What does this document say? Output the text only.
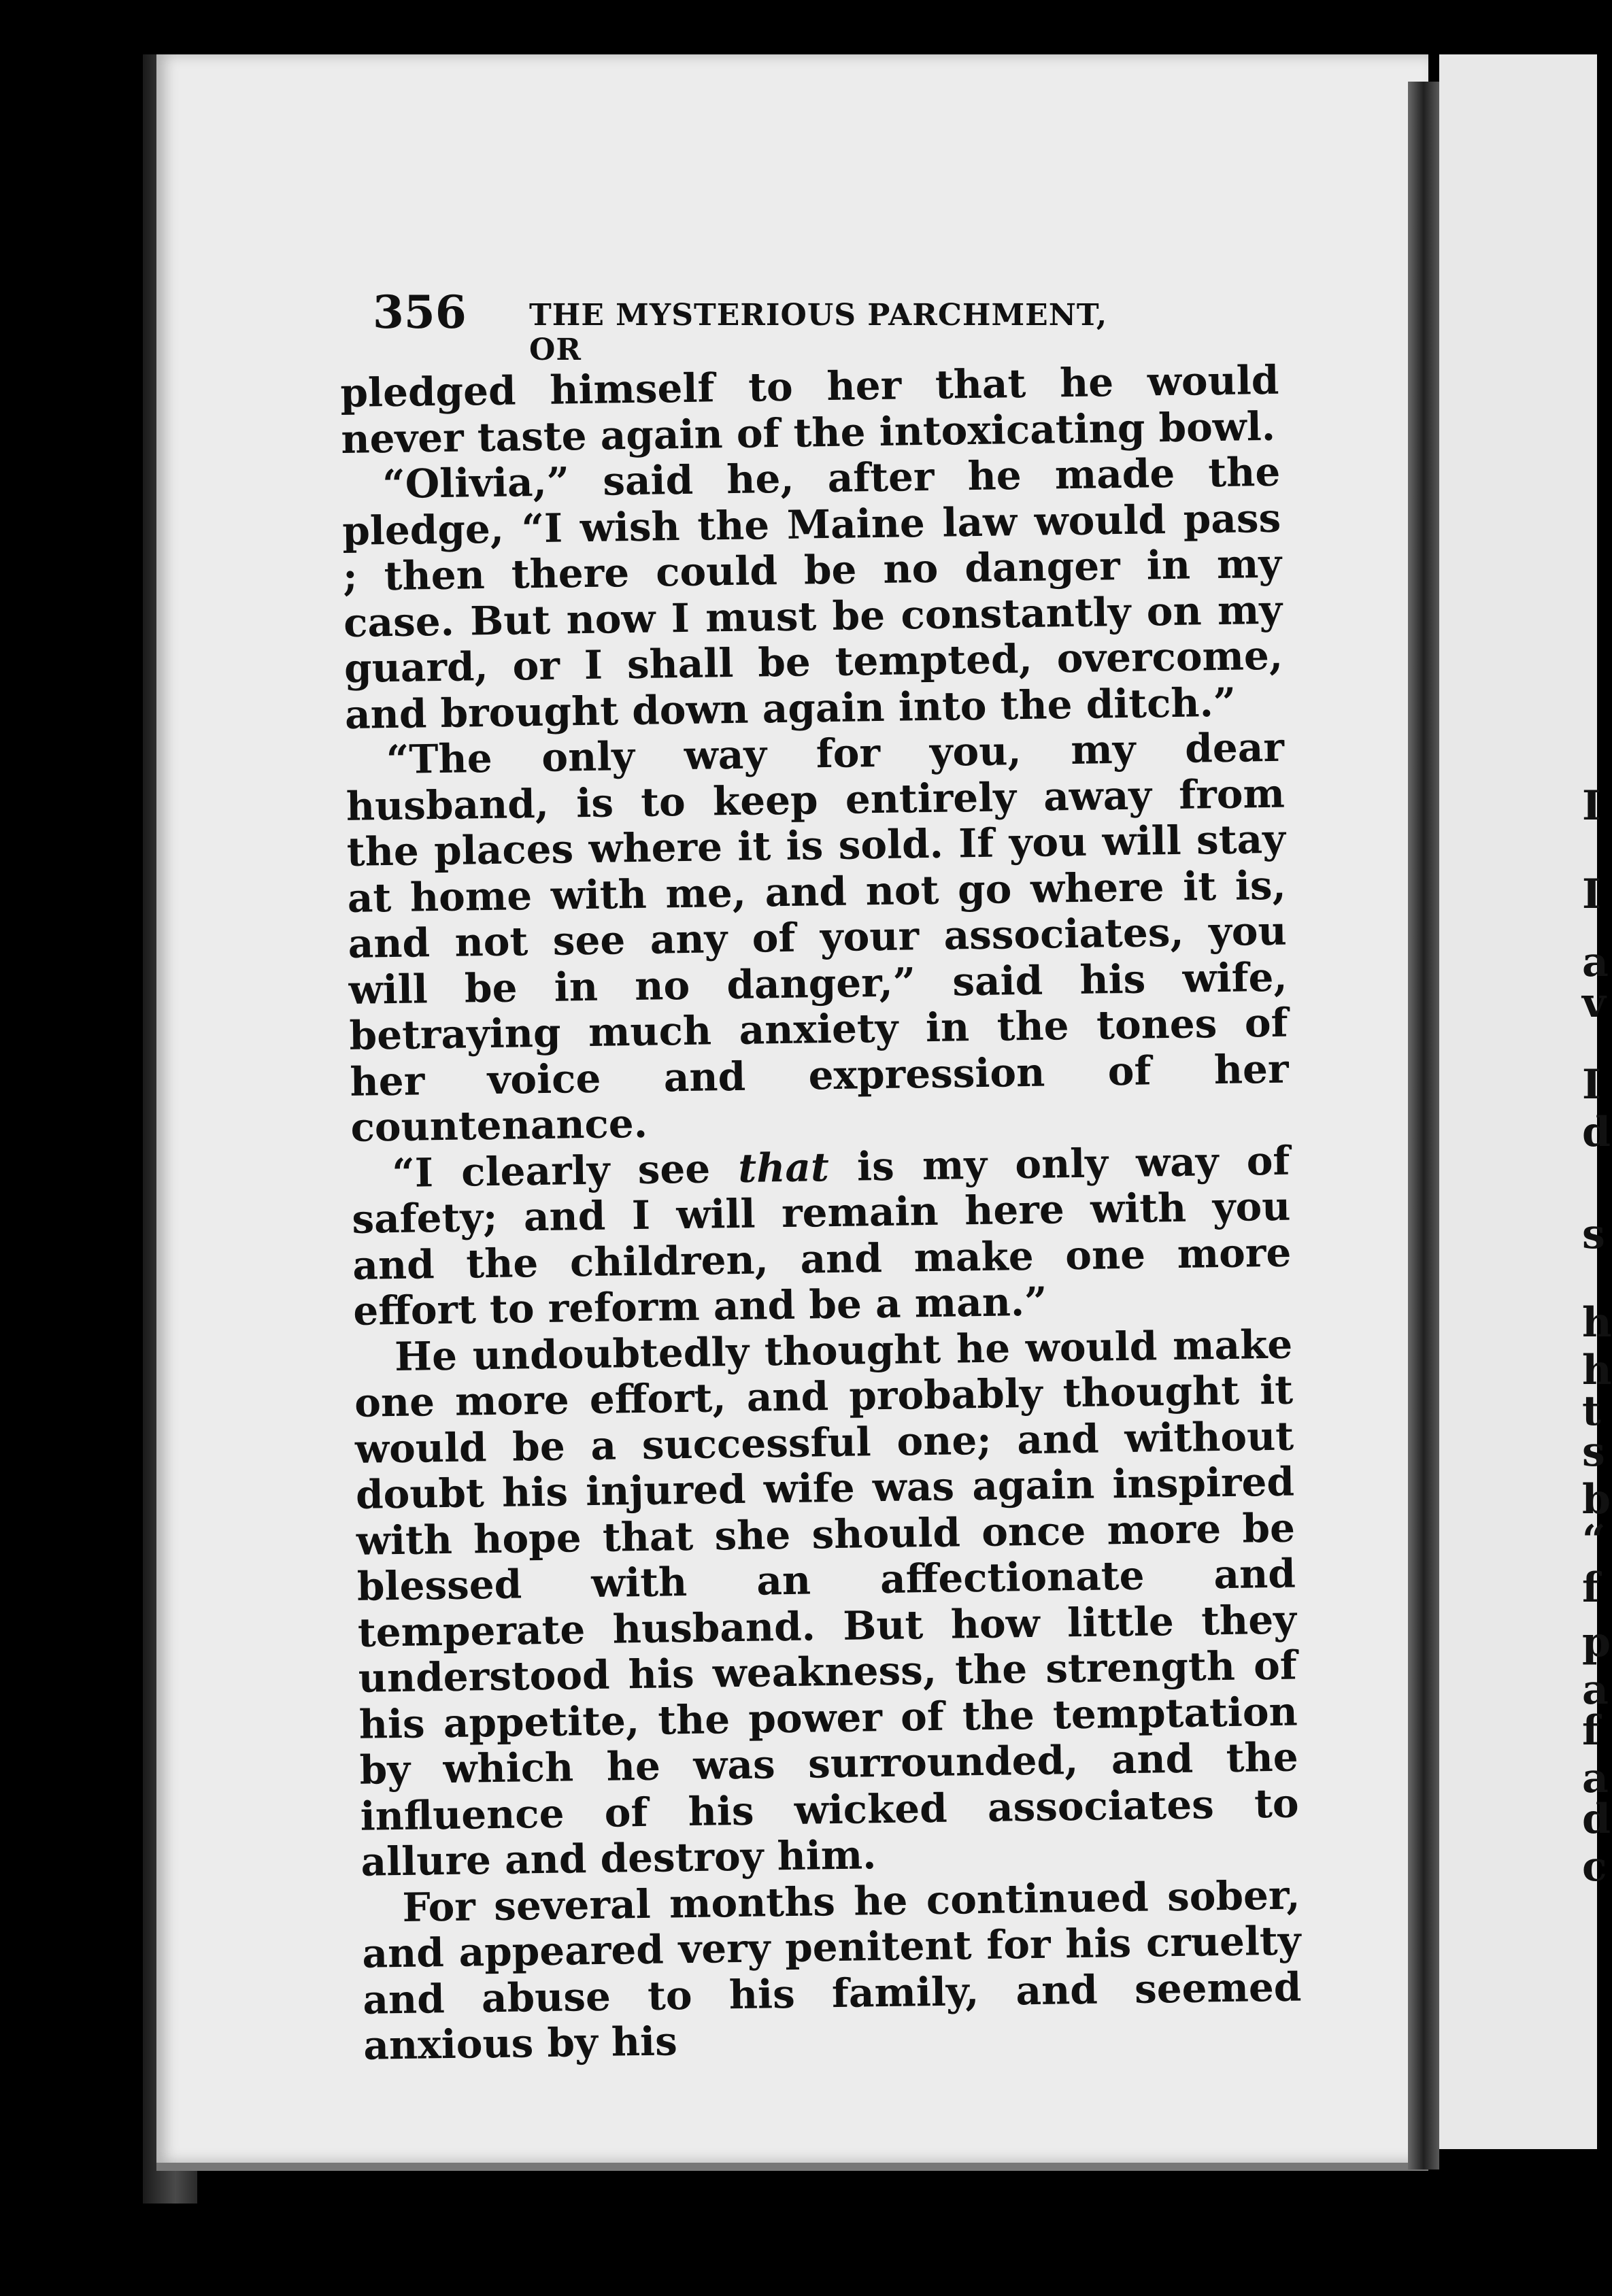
I
I
a
v
I
d
s
h
h
t
s
b
“
f
p
a
f
a
d
c
356 THE MYSTERIOUS PARCHMENT, OR

pledged himself to her that he would never taste again of the intoxicating bowl.

“Olivia,” said he, after he made the pledge, “I wish the Maine law would pass ; then there could be no danger in my case. But now I must be constantly on my guard, or I shall be tempted, overcome, and brought down again into the ditch.”

“The only way for you, my dear husband, is to keep entirely away from the places where it is sold. If you will stay at home with me, and not go where it is, and not see any of your associates, you will be in no danger,” said his wife, betraying much anxiety in the tones of her voice and expression of her countenance.

“I clearly see that is my only way of safety; and I will remain here with you and the children, and make one more effort to reform and be a man.”

He undoubtedly thought he would make one more effort, and probably thought it would be a successful one; and without doubt his injured wife was again inspired with hope that she should once more be blessed with an affectionate and temperate husband. But how little they understood his weakness, the strength of his appetite, the power of the temptation by which he was surrounded, and the influence of his wicked associates to allure and destroy him.

For several months he continued sober, and appeared very penitent for his cruelty and abuse to his family, and seemed anxious by his
